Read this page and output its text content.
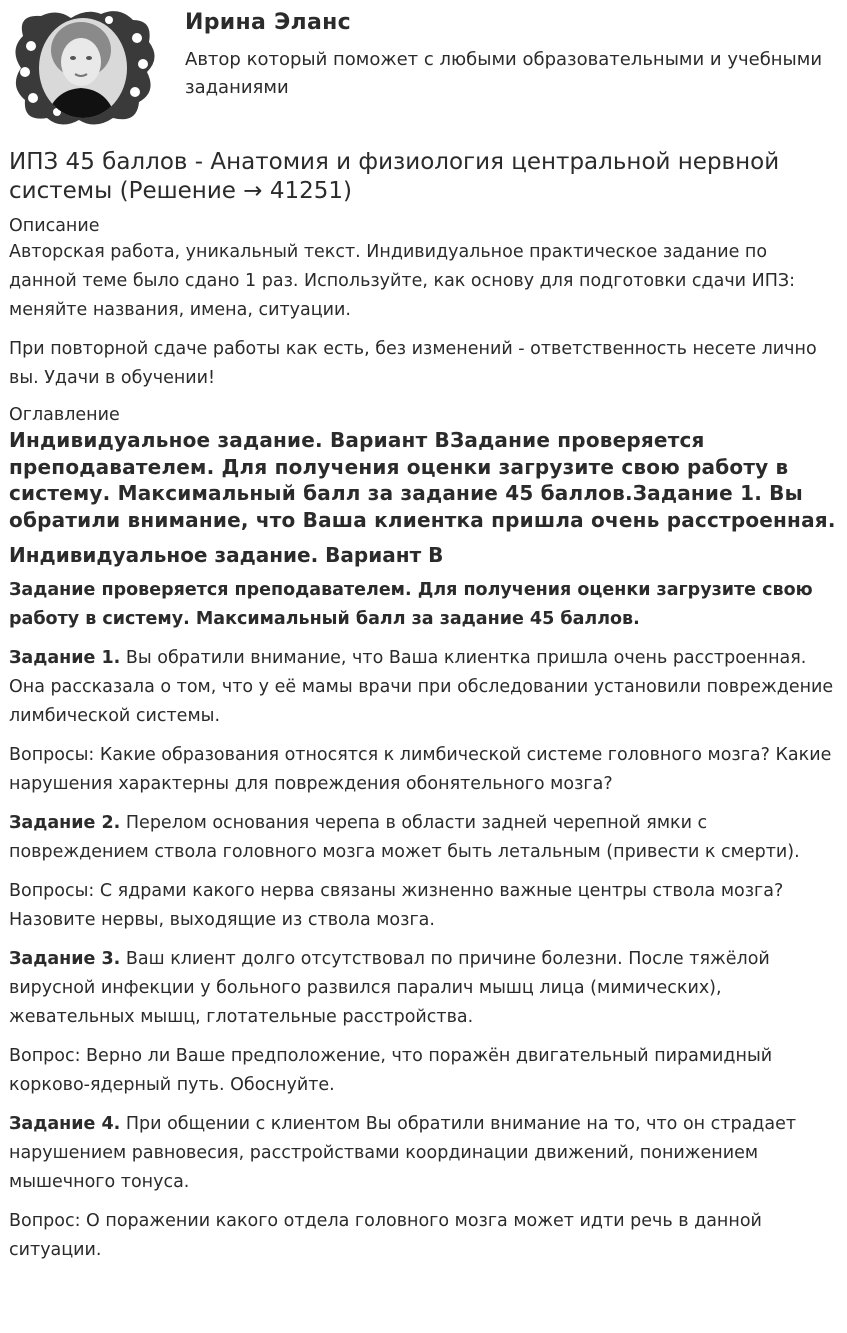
Ирина Эланс
Автор который поможет с любыми образовательными и учебными заданиями
ИПЗ 45 баллов - Анатомия и физиология центральной нервной системы (Решение → 41251)
Описание

Авторская работа, уникальный текст. Индивидуальное практическое задание по данной теме было сдано 1 раз. Используйте, как основу для подготовки сдачи ИПЗ: меняйте названия, имена, ситуации.

При повторной сдаче работы как есть, без изменений - ответственность несете лично вы. Удачи в обучении!

Оглавление
Индивидуальное задание. Вариант ВЗадание проверяется преподавателем. Для получения оценки загрузите свою работу в систему. Максимальный балл за задание 45 баллов.Задание 1. Вы обратили внимание, что Ваша клиентка пришла очень расстроенная.
Индивидуальное задание. Вариант В

Задание проверяется преподавателем. Для получения оценки загрузите свою работу в систему. Максимальный балл за задание 45 баллов.

Задание 1. Вы обратили внимание, что Ваша клиентка пришла очень расстроенная. Она рассказала о том, что у её мамы врачи при обследовании установили повреждение лимбической системы.

Вопросы: Какие образования относятся к лимбической системе головного мозга? Какие нарушения характерны для повреждения обонятельного мозга?

Задание 2. Перелом основания черепа в области задней черепной ямки с повреждением ствола головного мозга может быть летальным (привести к смерти).

Вопросы: С ядрами какого нерва связаны жизненно важные центры ствола мозга? Назовите нервы, выходящие из ствола мозга.

Задание 3. Ваш клиент долго отсутствовал по причине болезни. После тяжёлой вирусной инфекции у больного развился паралич мышц лица (мимических), жевательных мышц, глотательные расстройства.

Вопрос: Верно ли Ваше предположение, что поражён двигательный пирамидный корково-ядерный путь. Обоснуйте.

Задание 4. При общении с клиентом Вы обратили внимание на то, что он страдает нарушением равновесия, расстройствами координации движений, понижением мышечного тонуса.

Вопрос: О поражении какого отдела головного мозга может идти речь в данной ситуации.
